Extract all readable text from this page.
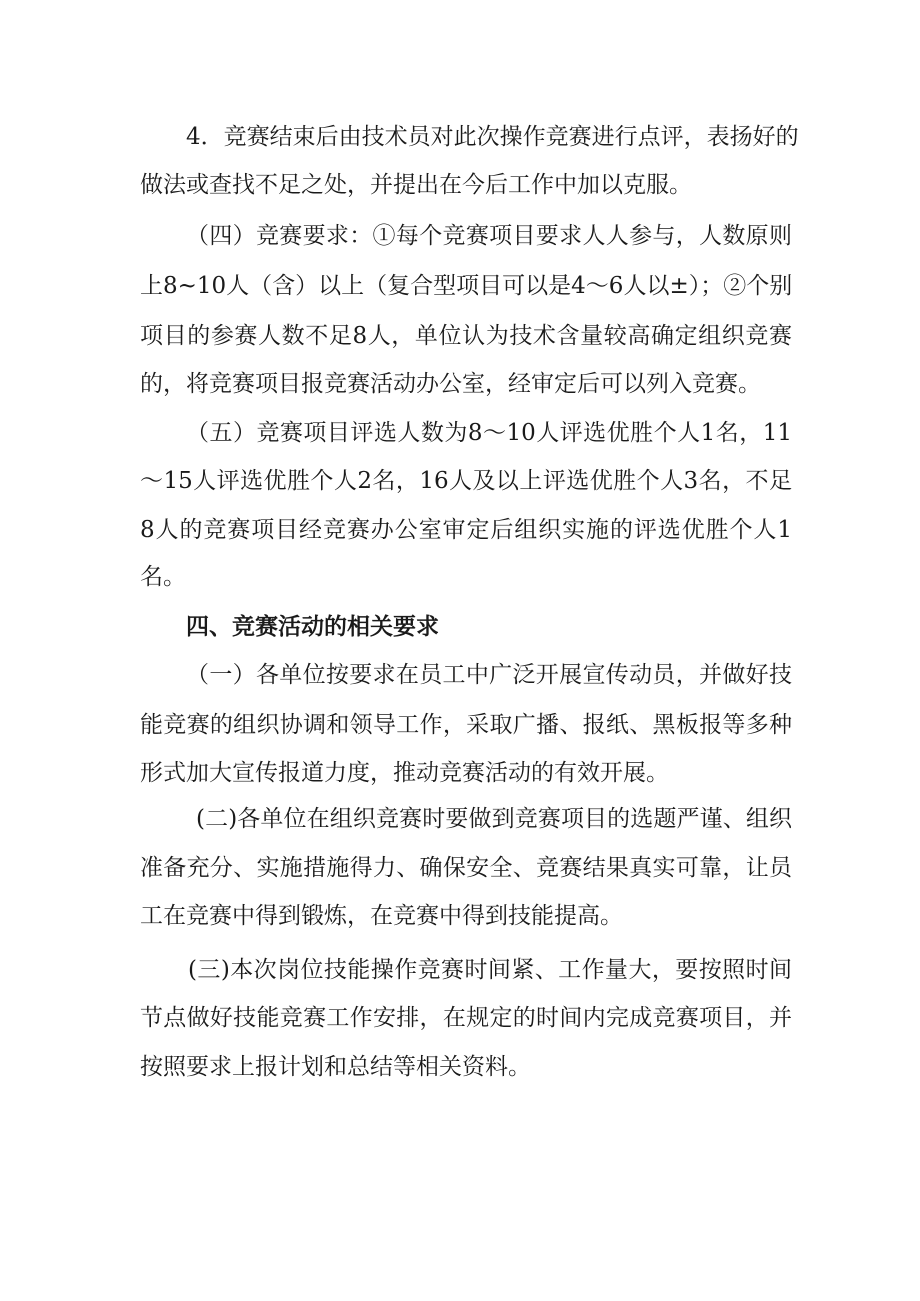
4．竞赛结束后由技术员对此次操作竞赛进行点评，表扬好的
做法或查找不足之处，并提出在今后工作中加以克服。
（四）竞赛要求：①每个竞赛项目要求人人参与，人数原则
上8~10人（含）以上（复合型项目可以是4～6人以±）；②个别
项目的参赛人数不足8人，单位认为技术含量较高确定组织竞赛
的，将竞赛项目报竞赛活动办公室，经审定后可以列入竞赛。
（五）竞赛项目评选人数为8～10人评选优胜个人1名，11
～15人评选优胜个人2名，16人及以上评选优胜个人3名，不足
8人的竞赛项目经竞赛办公室审定后组织实施的评选优胜个人1
名。
四、竞赛活动的相关要求
（一）各单位按要求在员工中广泛开展宣传动员，并做好技
能竞赛的组织协调和领导工作，采取广播、报纸、黑板报等多种
形式加大宣传报道力度，推动竞赛活动的有效开展。
(二)各单位在组织竞赛时要做到竞赛项目的选题严谨、组织
准备充分、实施措施得力、确保安全、竞赛结果真实可靠，让员
工在竞赛中得到锻炼，在竞赛中得到技能提高。
(三)本次岗位技能操作竞赛时间紧、工作量大，要按照时间
节点做好技能竞赛工作安排，在规定的时间内完成竞赛项目，并
按照要求上报计划和总结等相关资料。
